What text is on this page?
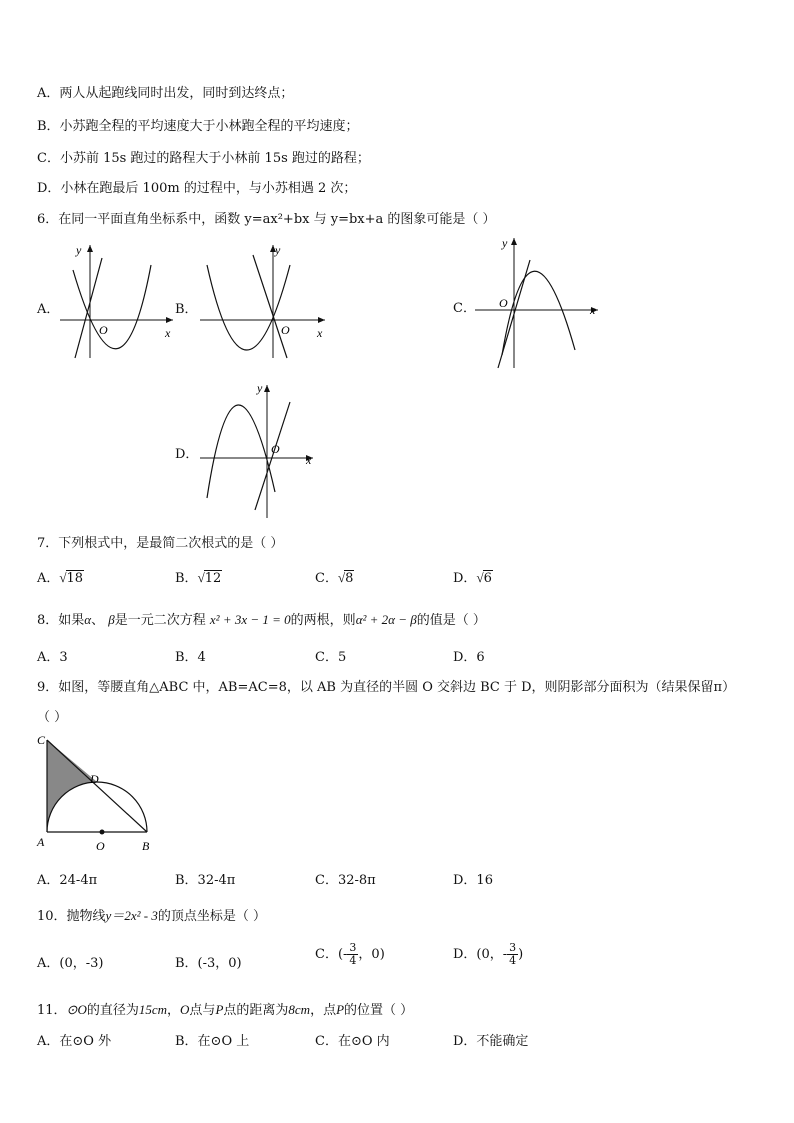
A．两人从起跑线同时出发，同时到达终点；
B．小苏跑全程的平均速度大于小林跑全程的平均速度；
C．小苏前 15s 跑过的路程大于小林前 15s 跑过的路程；
D．小林在跑最后 100m 的过程中，与小苏相遇 2 次；
6．在同一平面直角坐标系中，函数 y=ax²+bx 与 y=bx+a 的图象可能是（ ）
A．
y
x
O
B．
y
x
O
C．
y
x
O
D．
y
x
O
7．下列根式中，是最简二次根式的是（ ）
A．√18	B．√12	C．√8	D．√6
8．如果α、 β是一元二次方程 x² + 3x − 1 = 0的两根，则α² + 2α − β的值是（ ）
A．3	B．4	C．5	D．6
9．如图，等腰直角△ABC 中，AB=AC=8，以 AB 为直径的半圆 O 交斜边 BC 于 D，则阴影部分面积为（结果保留π）
（ ）
C
D
A	O	B
A．24-4π	B．32-4π	C．32-8π	D．16
10．抛物线y＝2x² - 3的顶点坐标是（ ）
A．(0，-3)	B．(-3，0)
C．(- $\frac{3}{4}$ ，0)	D．(0，- $\frac{3}{4}$ )
11．⊙O的直径为15cm，O点与P点的距离为8cm，点P的位置（ ）
A．在⊙O 外	B．在⊙O 上	C．在⊙O 内	D．不能确定
